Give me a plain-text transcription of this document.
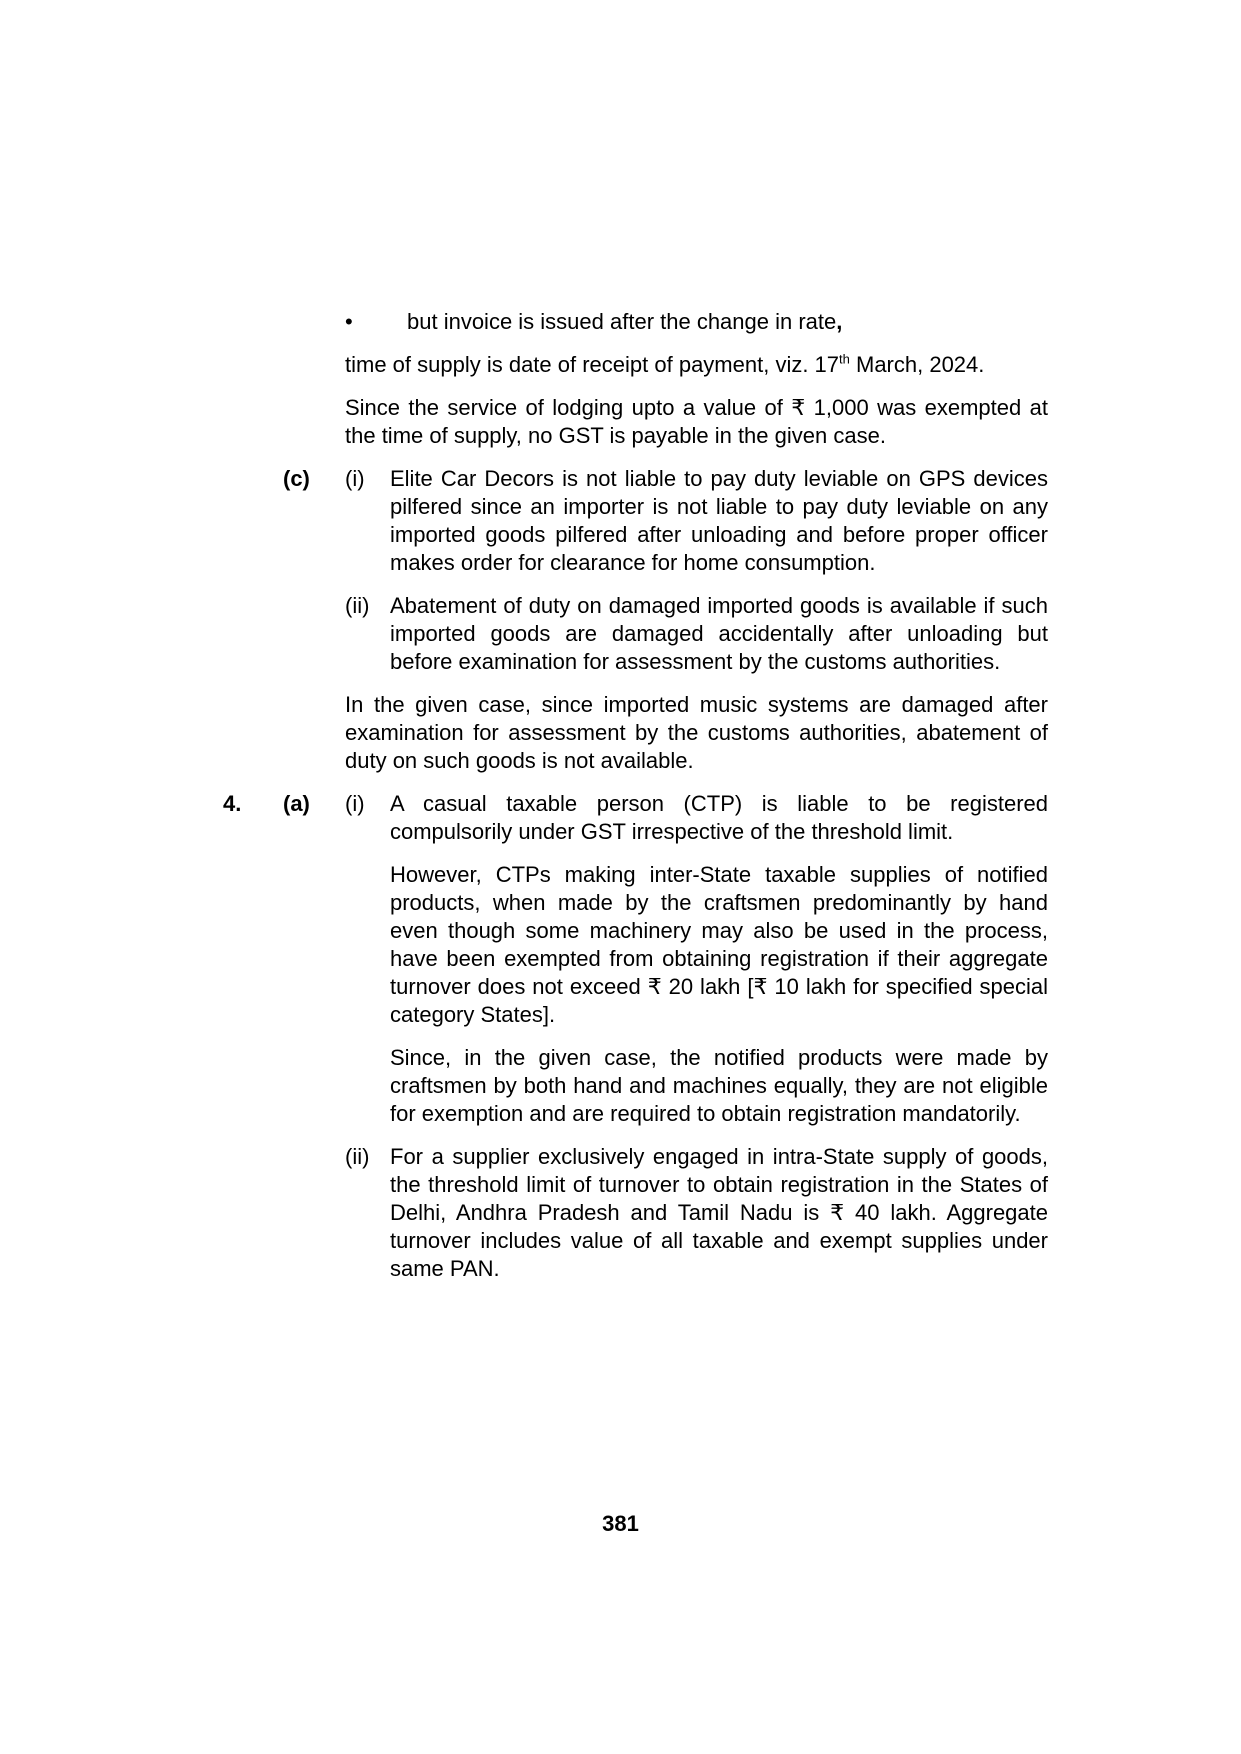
•	but invoice is issued after the change in rate,

time of supply is date of receipt of payment, viz. 17th March, 2024.

Since the service of lodging upto a value of ₹ 1,000 was exempted at the time of supply, no GST is payable in the given case.

(c)	(i)	Elite Car Decors is not liable to pay duty leviable on GPS devices pilfered since an importer is not liable to pay duty leviable on any imported goods pilfered after unloading and before proper officer makes order for clearance for home consumption.
(ii) Abatement of duty on damaged imported goods is available if such imported goods are damaged accidentally after unloading but before examination for assessment by the customs authorities.

In the given case, since imported music systems are damaged after examination for assessment by the customs authorities, abatement of duty on such goods is not available.

4.	(a)	(i)	A casual taxable person (CTP) is liable to be registered compulsorily under GST irrespective of the threshold limit.

However, CTPs making inter-State taxable supplies of notified products, when made by the craftsmen predominantly by hand even though some machinery may also be used in the process, have been exempted from obtaining registration if their aggregate turnover does not exceed ₹ 20 lakh [₹ 10 lakh for specified special category States].

Since, in the given case, the notified products were made by craftsmen by both hand and machines equally, they are not eligible for exemption and are required to obtain registration mandatorily.

(ii) For a supplier exclusively engaged in intra-State supply of goods, the threshold limit of turnover to obtain registration in the States of Delhi, Andhra Pradesh and Tamil Nadu is ₹ 40 lakh. Aggregate turnover includes value of all taxable and exempt supplies under same PAN.
381
